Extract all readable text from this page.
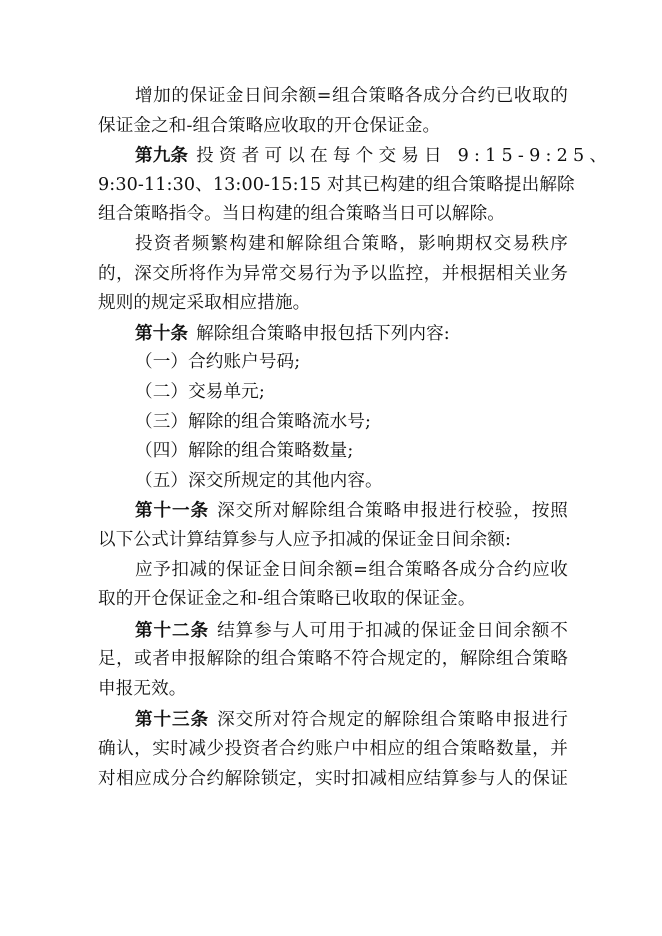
增加的保证金日间余额=组合策略各成分合约已收取的
保证金之和-组合策略应收取的开仓保证金。
第九条 投资者可以在每个交易日 9:15-9:25、
9:30-11:30、13:00-15:15 对其已构建的组合策略提出解除
组合策略指令。当日构建的组合策略当日可以解除。
投资者频繁构建和解除组合策略，影响期权交易秩序
的，深交所将作为异常交易行为予以监控，并根据相关业务
规则的规定采取相应措施。
第十条 解除组合策略申报包括下列内容:
（一）合约账户号码;
（二）交易单元;
（三）解除的组合策略流水号;
（四）解除的组合策略数量;
（五）深交所规定的其他内容。
第十一条 深交所对解除组合策略申报进行校验，按照
以下公式计算结算参与人应予扣减的保证金日间余额:
应予扣减的保证金日间余额=组合策略各成分合约应收
取的开仓保证金之和-组合策略已收取的保证金。
第十二条 结算参与人可用于扣减的保证金日间余额不
足，或者申报解除的组合策略不符合规定的，解除组合策略
申报无效。
第十三条 深交所对符合规定的解除组合策略申报进行
确认，实时减少投资者合约账户中相应的组合策略数量，并
对相应成分合约解除锁定，实时扣减相应结算参与人的保证
